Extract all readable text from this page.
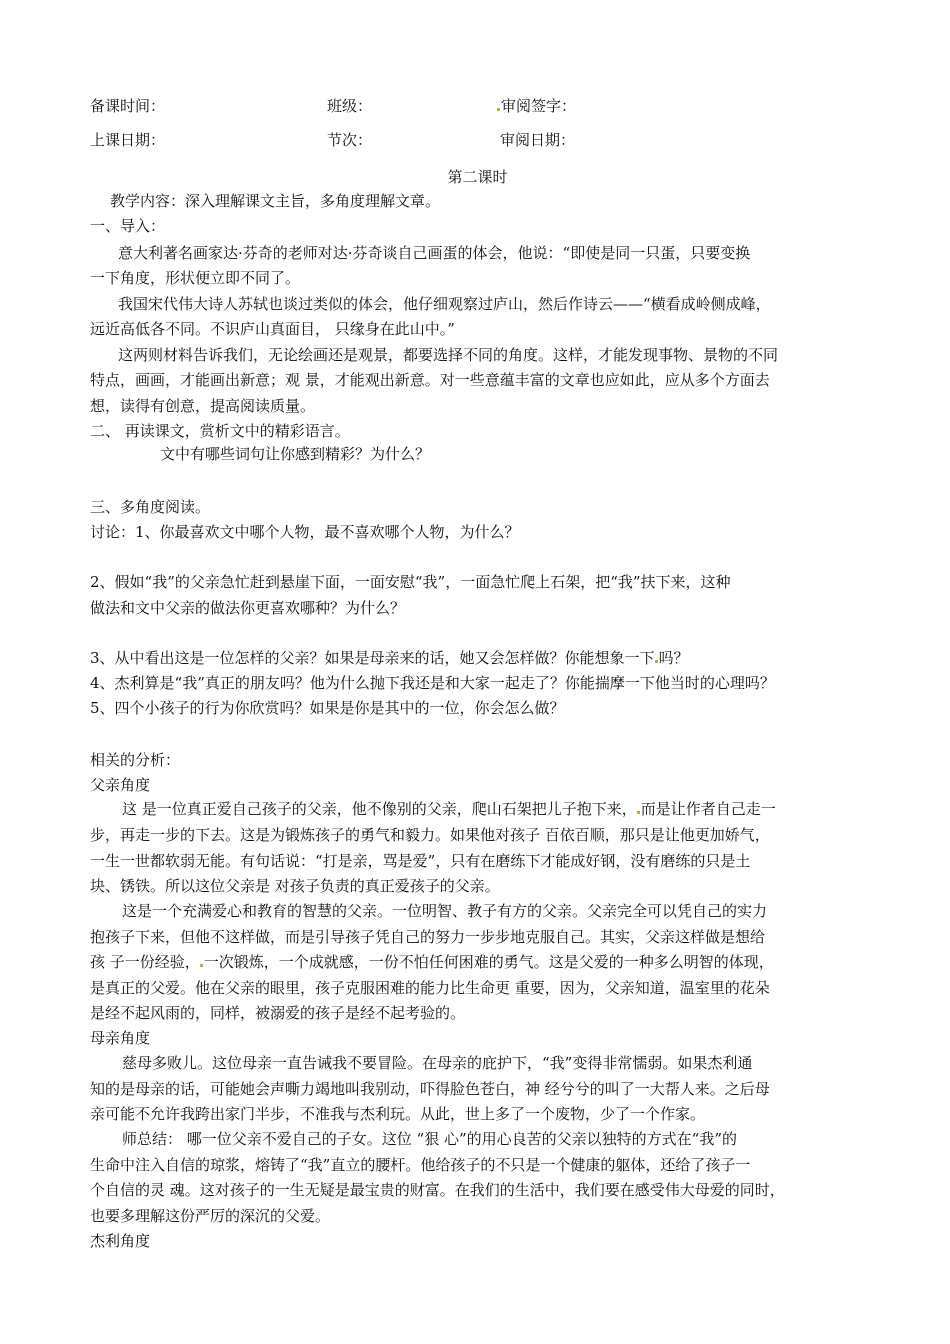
备课时间：	班级：	审阅签字：
上课日期：	节次：	审阅日期：
第二课时
教学内容：深入理解课文主旨，多角度理解文章。
一、导入：
意大利著名画家达·芬奇的老师对达·芬奇谈自己画蛋的体会，他说：“即使是同一只蛋，只要变换
一下角度，形状便立即不同了。
我国宋代伟大诗人苏轼也谈过类似的体会，他仔细观察过庐山，然后作诗云——“横看成岭侧成峰，
远近高低各不同。不识庐山真面目， 只缘身在此山中。”
这两则材料告诉我们，无论绘画还是观景，都要选择不同的角度。这样，才能发现事物、景物的不同
特点，画画，才能画出新意；观 景，才能观出新意。对一些意蕴丰富的文章也应如此，应从多个方面去
想，读得有创意，提高阅读质量。
二、 再读课文，赏析文中的精彩语言。
文中有哪些词句让你感到精彩？为什么？
三、多角度阅读。
讨论：1、你最喜欢文中哪个人物，最不喜欢哪个人物，为什么？
2、假如“我”的父亲急忙赶到悬崖下面，一面安慰“我”，一面急忙爬上石架，把“我”扶下来，这种
做法和文中父亲的做法你更喜欢哪种？为什么？
3、从中看出这是一位怎样的父亲？如果是母亲来的话，她又会怎样做？你能想象一下 吗？
4、杰利算是“我”真正的朋友吗？他为什么抛下我还是和大家一起走了？你能揣摩一下他当时的心理吗？
5、四个小孩子的行为你欣赏吗？如果是你是其中的一位，你会怎么做？
相关的分析：
父亲角度
这 是一位真正爱自己孩子的父亲，他不像别的父亲，爬山石架把儿子抱下来， 而是让作者自己走一
步，再走一步的下去。这是为锻炼孩子的勇气和毅力。如果他对孩子 百依百顺，那只是让他更加娇气，
一生一世都软弱无能。有句话说：“打是亲，骂是爱”，只有在磨练下才能成好钢，没有磨练的只是土
块、锈铁。所以这位父亲是 对孩子负责的真正爱孩子的父亲。
这是一个充满爱心和教育的智慧的父亲。一位明智、教子有方的父亲。父亲完全可以凭自己的实力
抱孩子下来，但他不这样做，而是引导孩子凭自己的努力一步步地克服自己。其实，父亲这样做是想给
孩 子一份经验， 一次锻炼，一个成就感，一份不怕任何困难的勇气。这是父爱的一种多么明智的体现，
是真正的父爱。他在父亲的眼里，孩子克服困难的能力比生命更 重要，因为，父亲知道，温室里的花朵
是经不起风雨的，同样，被溺爱的孩子是经不起考验的。
母亲角度
慈母多败儿。这位母亲一直告诫我不要冒险。在母亲的庇护下，“我”变得非常懦弱。如果杰利通
知的是母亲的话，可能她会声嘶力竭地叫我别动，吓得脸色苍白，神 经兮兮的叫了一大帮人来。之后母
亲可能不允许我跨出家门半步，不准我与杰利玩。从此，世上多了一个废物，少了一个作家。
师总结： 哪一位父亲不爱自己的子女。这位 “狠 心”的用心良苦的父亲以独特的方式在“我”的
生命中注入自信的琼浆，熔铸了“我”直立的腰杆。他给孩子的不只是一个健康的躯体，还给了孩子一
个自信的灵 魂。这对孩子的一生无疑是最宝贵的财富。在我们的生活中，我们要在感受伟大母爱的同时，
也要多理解这份严厉的深沉的父爱。
杰利角度
